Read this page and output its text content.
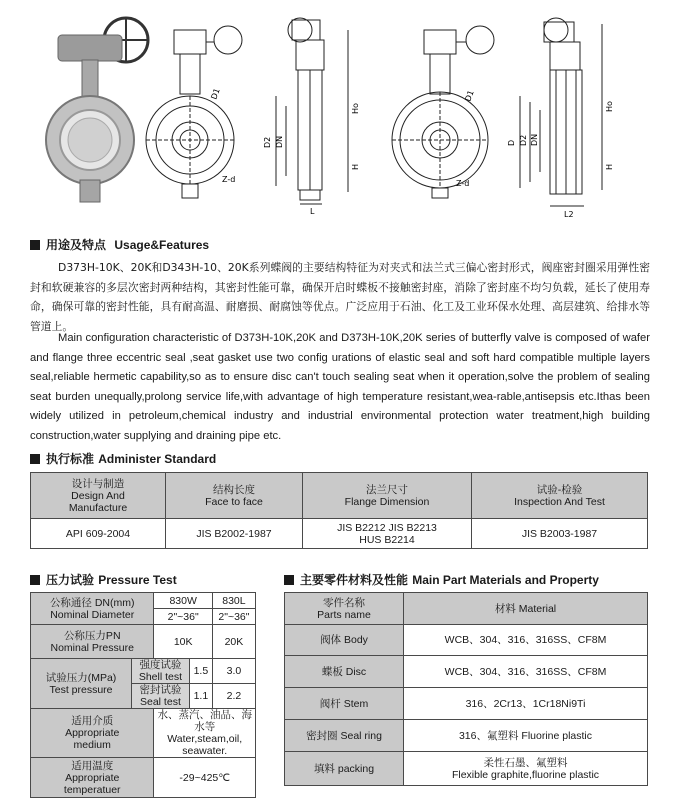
D1
Z-d
D2 DN
Ho
H
L
D1
Z-d
D D2 DN
Ho
H
L2
用途及特点 Usage&Features

D373H-10K、20K和D343H-10、20K系列蝶阀的主要结构特征为对夹式和法兰式三偏心密封形式，阀座密封圈采用弹性密封和软硬兼容的多层次密封两种结构，其密封性能可靠，确保开启时蝶板不接触密封座，消除了密封座不均匀负载，延长了使用寿命，确保可靠的密封性能，具有耐高温、耐磨损、耐腐蚀等优点。广泛应用于石油、化工及工业环保水处理、高层建筑、给排水等管道上。

Main configuration characteristic of D373H-10K,20K and D373H-10K,20K series of butterfly valve is composed of wafer and flange three eccentric seal ,seat gasket use two config urations of elastic seal and soft hard compatible multiple layers seal,reliable hermetic capability,so as to ensure disc can't touch sealing seat when it operation,solve the problem of sealing seat burden unequally,prolong service life,with advantage of high temperature resistant,wea-rable,antisepsis etc.Ithas been widely utilized in petroleum,chemical industry and industrial environmental protection water treatment,high building construction,water supplying and draining pipe etc.

执行标准 Administer Standard
设计与制造
Design And
Manufacture	结构长度
Face to face	法兰尺寸
Flange Dimension	试验-检验
Inspection And Test

API 609-2004	JIS B2002-1987	JIS B2212 JIS B2213
HUS B2214	JIS B2003-1987
压力试验 Pressure Test
公称通径 DN(mm)
Nominal Diameter		830W		830L
		2"~36"		2"~36"

公称压力PN
Nominal Pressure		10K		20K

试验压力(MPa)
Test pressure	强度试验
Shell test		1.5	3.0

	密封试验
Seal test		1.1	2.2

适用介质
Appropriate
medium		水、蒸汽、油品、海水等
Water,steam,oil,
seawater.		

适用温度
Appropriate
temperatuer		-29~425℃		
主要零件材料及性能 Main Part Materials and Property
零件名称
Parts name	材料 Material
阀体 Body	WCB、304、316、316SS、CF8M
蝶板 Disc	WCB、304、316、316SS、CF8M
阀杆 Stem	316、2Cr13、1Cr18Ni9Ti
密封圈 Seal ring	316、氟塑料 Fluorine plastic
填料 packing	柔性石墨、氟塑料
Flexible graphite,fluorine plastic
